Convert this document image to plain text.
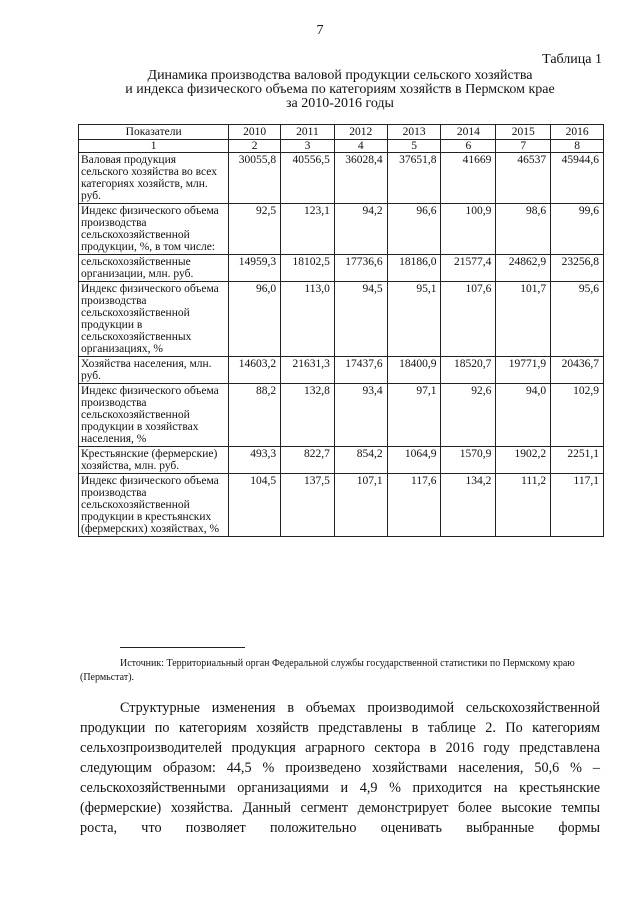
7
Таблица 1
Динамика производства валовой продукции сельского хозяйства
и индекса физического объема по категориям хозяйств в Пермском крае
за 2010-2016 годы
Показатели	2010	2011	2012	2013	2014	2015	2016
1	2	3	4	5	6	7	8
Валовая продукция сельского хозяйства во всех категориях хозяйств, млн. руб.	30055,8	40556,5	36028,4	37651,8	41669	46537	45944,6
Индекс физического объема производства сельскохозяйственной продукции, %, в том числе:	92,5	123,1	94,2	96,6	100,9	98,6	99,6
сельскохозяйственные организации, млн. руб.	14959,3	18102,5	17736,6	18186,0	21577,4	24862,9	23256,8
Индекс физического объема производства сельскохозяйственной продукции в сельскохозяйственных организациях, %	96,0	113,0	94,5	95,1	107,6	101,7	95,6
Хозяйства населения, млн. руб.	14603,2	21631,3	17437,6	18400,9	18520,7	19771,9	20436,7
Индекс физического объема производства сельскохозяйственной продукции в хозяйствах населения, %	88,2	132,8	93,4	97,1	92,6	94,0	102,9
Крестьянские (фермерские) хозяйства, млн. руб.	493,3	822,7	854,2	1064,9	1570,9	1902,2	2251,1
Индекс физического объема производства сельскохозяйственной продукции в крестьянских (фермерских) хозяйствах, %	104,5	137,5	107,1	117,6	134,2	111,2	117,1
Источник: Территориальный орган Федеральной службы государственной статистики по Пермскому краю (Пермьстат).
Структурные изменения в объемах производимой сельскохозяйственной
продукции по категориям хозяйств представлены в таблице 2. По категориям
сельхозпроизводителей продукция аграрного сектора в 2016 году представлена
следующим образом: 44,5 % произведено хозяйствами населения, 50,6 % –
сельскохозяйственными организациями и 4,9 % приходится на крестьянские
(фермерские) хозяйства. Данный сегмент демонстрирует более высокие темпы
роста, что позволяет положительно оценивать выбранные формы
